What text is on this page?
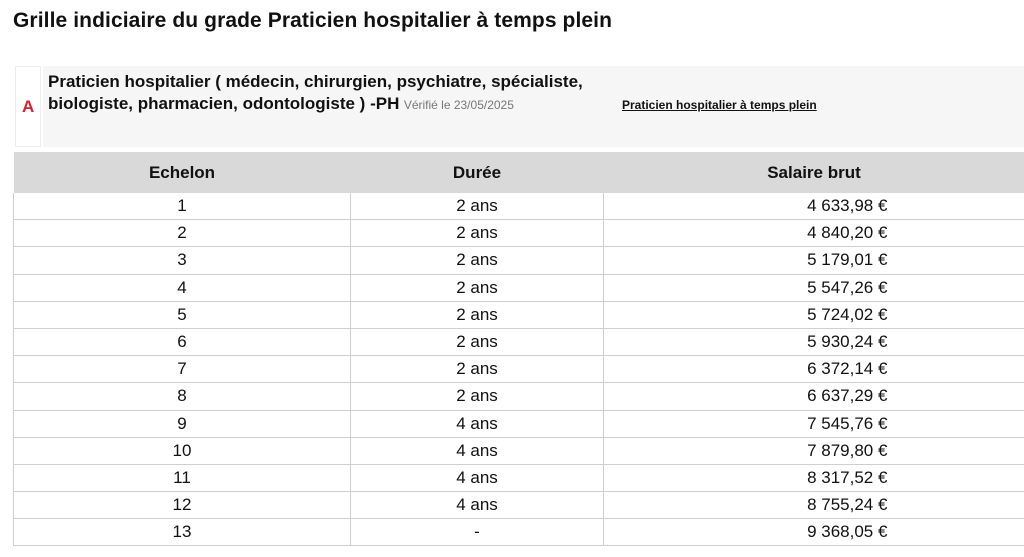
Grille indiciaire du grade Praticien hospitalier à temps plein
A
Praticien hospitalier ( médecin, chirurgien, psychiatre, spécialiste, biologiste, pharmacien, odontologiste ) -PH Vérifié le 23/05/2025	Praticien hospitalier à temps plein
Echelon	Durée	Salaire brut
1	2 ans	4 633,98 €
2	2 ans	4 840,20 €
3	2 ans	5 179,01 €
4	2 ans	5 547,26 €
5	2 ans	5 724,02 €
6	2 ans	5 930,24 €
7	2 ans	6 372,14 €
8	2 ans	6 637,29 €
9	4 ans	7 545,76 €
10	4 ans	7 879,80 €
11	4 ans	8 317,52 €
12	4 ans	8 755,24 €
13	-	9 368,05 €
